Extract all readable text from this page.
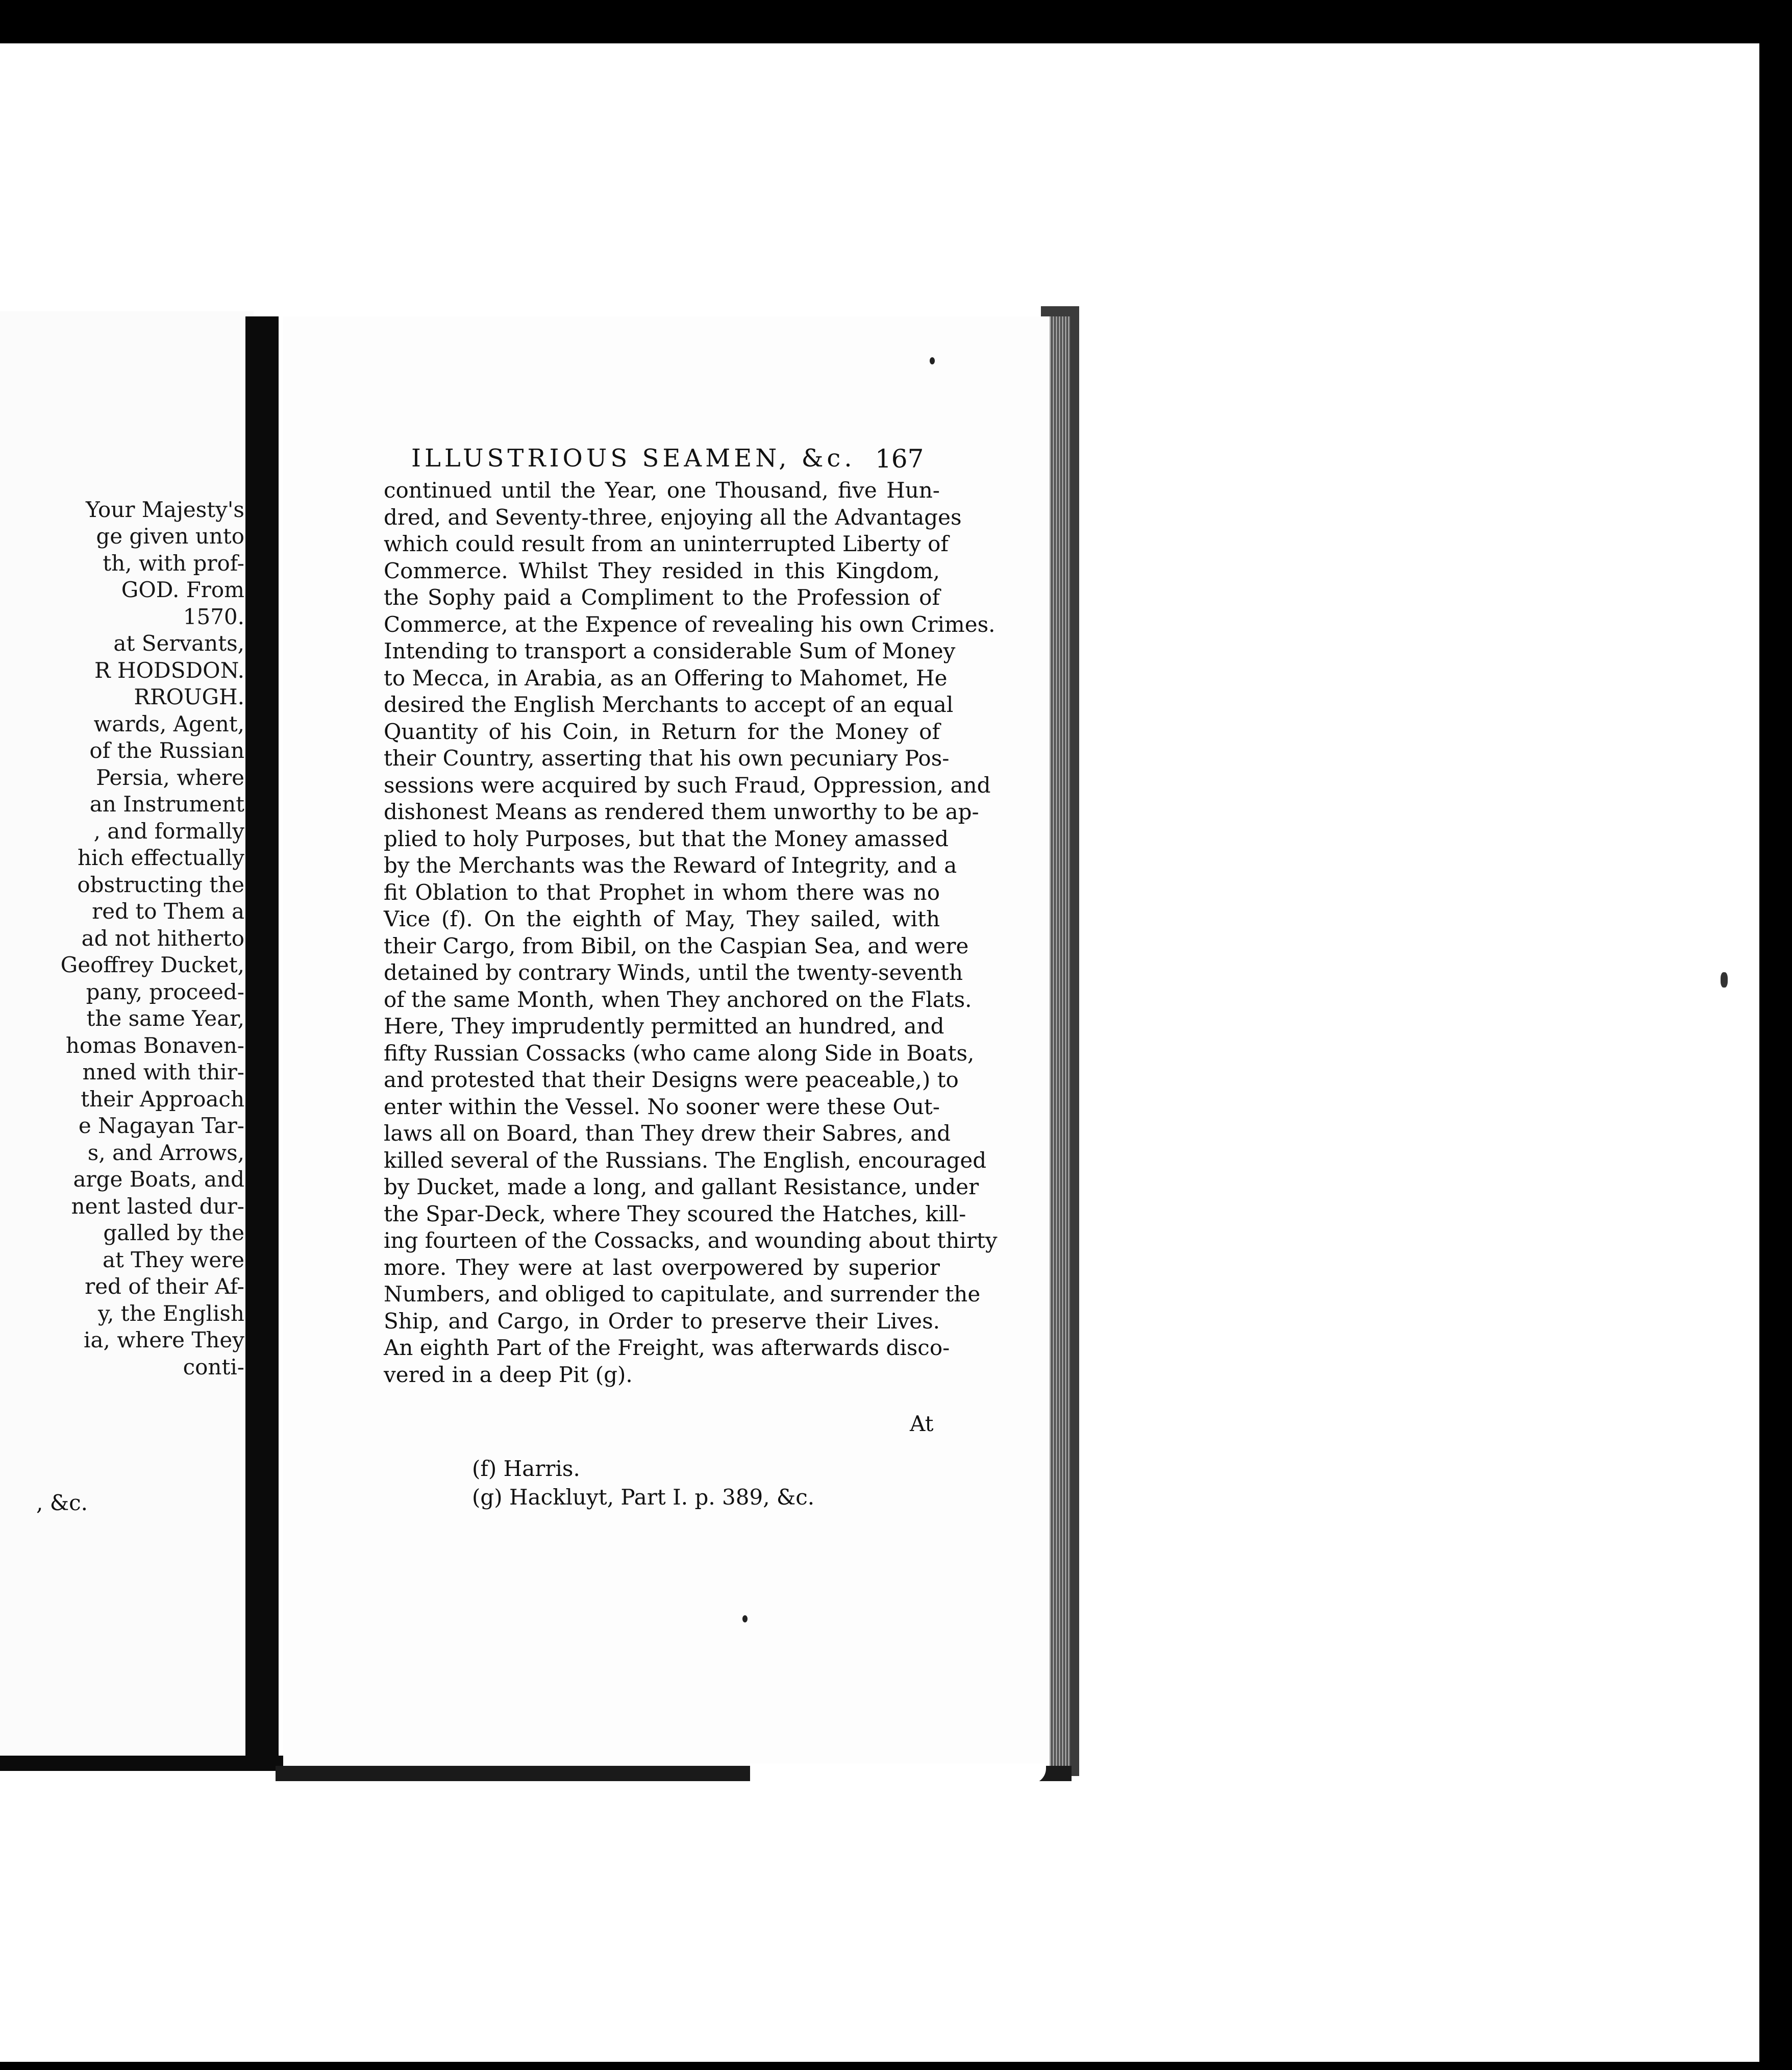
Your Majesty's
ge given unto
th, with prof-
GOD. From
1570.
at Servants,
R HODSDON.
RROUGH.
wards, Agent,
of the Russian
Persia, where
an Instrument
, and formally
hich effectually
obstructing the
red to Them a
ad not hitherto
Geoffrey Ducket,
pany, proceed-
the same Year,
homas Bonaven-
nned with thir-
their Approach
e Nagayan Tar-
s, and Arrows,
arge Boats, and
nent lasted dur-
galled by the
at They were
red of their Af-
y, the English
ia, where They
conti-
, &c.
ILLUSTRIOUS SEAMEN, &c. 167
continued until the Year, one Thousand, five Hun-
dred, and Seventy-three, enjoying all the Advantages
which could result from an uninterrupted Liberty of
Commerce. Whilst They resided in this Kingdom,
the Sophy paid a Compliment to the Profession of
Commerce, at the Expence of revealing his own Crimes.
Intending to transport a considerable Sum of Money
to Mecca, in Arabia, as an Offering to Mahomet, He
desired the English Merchants to accept of an equal
Quantity of his Coin, in Return for the Money of
their Country, asserting that his own pecuniary Pos-
sessions were acquired by such Fraud, Oppression, and
dishonest Means as rendered them unworthy to be ap-
plied to holy Purposes, but that the Money amassed
by the Merchants was the Reward of Integrity, and a
fit Oblation to that Prophet in whom there was no
Vice (f). On the eighth of May, They sailed, with
their Cargo, from Bibil, on the Caspian Sea, and were
detained by contrary Winds, until the twenty-seventh
of the same Month, when They anchored on the Flats.
Here, They imprudently permitted an hundred, and
fifty Russian Cossacks (who came along Side in Boats,
and protested that their Designs were peaceable,) to
enter within the Vessel. No sooner were these Out-
laws all on Board, than They drew their Sabres, and
killed several of the Russians. The English, encouraged
by Ducket, made a long, and gallant Resistance, under
the Spar-Deck, where They scoured the Hatches, kill-
ing fourteen of the Cossacks, and wounding about thirty
more. They were at last overpowered by superior
Numbers, and obliged to capitulate, and surrender the
Ship, and Cargo, in Order to preserve their Lives.
An eighth Part of the Freight, was afterwards disco-
vered in a deep Pit (g).
At
(f) Harris.
(g) Hackluyt, Part I. p. 389, &c.
